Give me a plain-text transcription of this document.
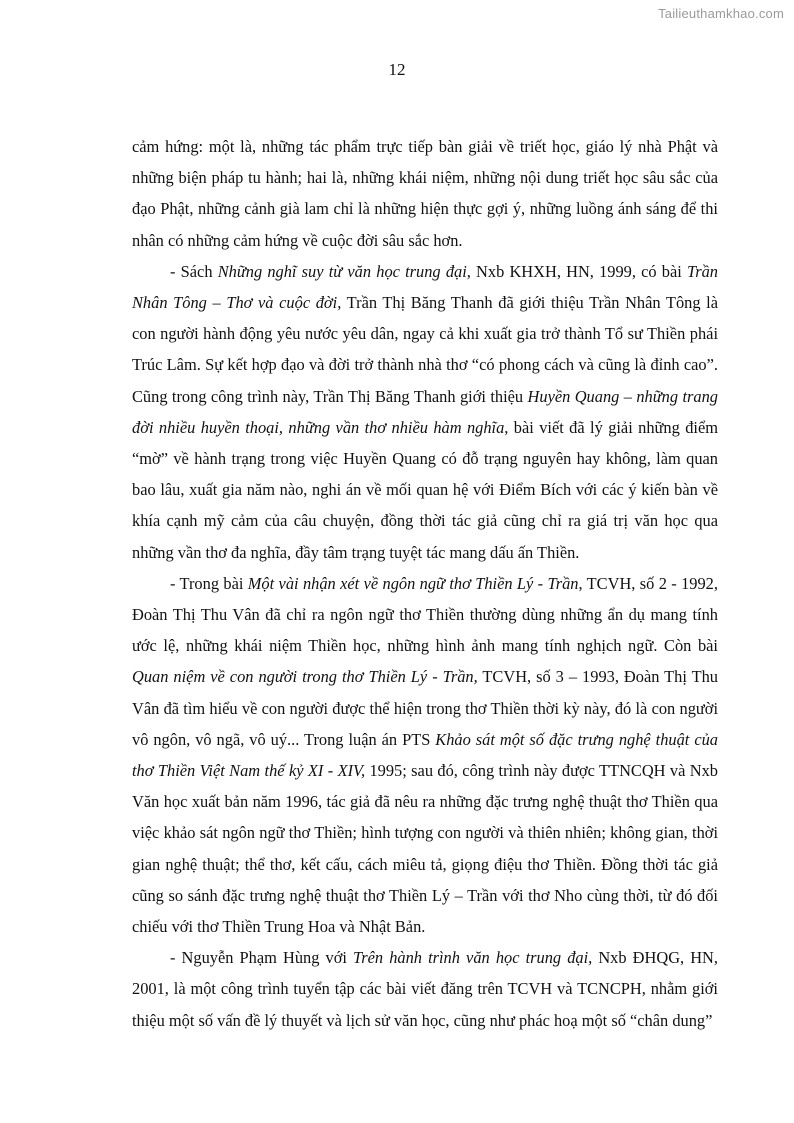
Tailieuthamkhao.com
12

cảm hứng: một là, những tác phẩm trực tiếp bàn giải về triết học, giáo lý nhà Phật và những biện pháp tu hành; hai là, những khái niệm, những nội dung triết học sâu sắc của đạo Phật, những cảnh già lam chỉ là những hiện thực gợi ý, những luồng ánh sáng để thi nhân có những cảm hứng về cuộc đời sâu sắc hơn.

- Sách Những nghĩ suy từ văn học trung đại, Nxb KHXH, HN, 1999, có bài Trần Nhân Tông – Thơ và cuộc đời, Trần Thị Băng Thanh đã giới thiệu Trần Nhân Tông là con người hành động yêu nước yêu dân, ngay cả khi xuất gia trở thành Tổ sư Thiền phái Trúc Lâm. Sự kết hợp đạo và đời trở thành nhà thơ “có phong cách và cũng là đỉnh cao”. Cũng trong công trình này, Trần Thị Băng Thanh giới thiệu Huyền Quang – những trang đời nhiều huyền thoại, những vần thơ nhiều hàm nghĩa, bài viết đã lý giải những điểm “mờ” về hành trạng trong việc Huyền Quang có đỗ trạng nguyên hay không, làm quan bao lâu, xuất gia năm nào, nghi án về mối quan hệ với Điểm Bích với các ý kiến bàn về khía cạnh mỹ cảm của câu chuyện, đồng thời tác giả cũng chỉ ra giá trị văn học qua những vần thơ đa nghĩa, đầy tâm trạng tuyệt tác mang dấu ấn Thiền.

- Trong bài Một vài nhận xét về ngôn ngữ thơ Thiền Lý - Trần, TCVH, số 2 - 1992, Đoàn Thị Thu Vân đã chỉ ra ngôn ngữ thơ Thiền thường dùng những ẩn dụ mang tính ước lệ, những khái niệm Thiền học, những hình ảnh mang tính nghịch ngữ. Còn bài Quan niệm về con người trong thơ Thiền Lý - Trần, TCVH, số 3 – 1993, Đoàn Thị Thu Vân đã tìm hiểu về con người được thể hiện trong thơ Thiền thời kỳ này, đó là con người vô ngôn, vô ngã, vô uý... Trong luận án PTS Khảo sát một số đặc trưng nghệ thuật của thơ Thiền Việt Nam thế kỷ XI - XIV, 1995; sau đó, công trình này được TTNCQH và Nxb Văn học xuất bản năm 1996, tác giả đã nêu ra những đặc trưng nghệ thuật thơ Thiền qua việc khảo sát ngôn ngữ thơ Thiền; hình tượng con người và thiên nhiên; không gian, thời gian nghệ thuật; thể thơ, kết cấu, cách miêu tả, giọng điệu thơ Thiền. Đồng thời tác giả cũng so sánh đặc trưng nghệ thuật thơ Thiền Lý – Trần với thơ Nho cùng thời, từ đó đối chiếu với thơ Thiền Trung Hoa và Nhật Bản.

- Nguyễn Phạm Hùng với Trên hành trình văn học trung đại, Nxb ĐHQG, HN, 2001, là một công trình tuyển tập các bài viết đăng trên TCVH và TCNCPH, nhằm giới thiệu một số vấn đề lý thuyết và lịch sử văn học, cũng như phác hoạ một số “chân dung”
